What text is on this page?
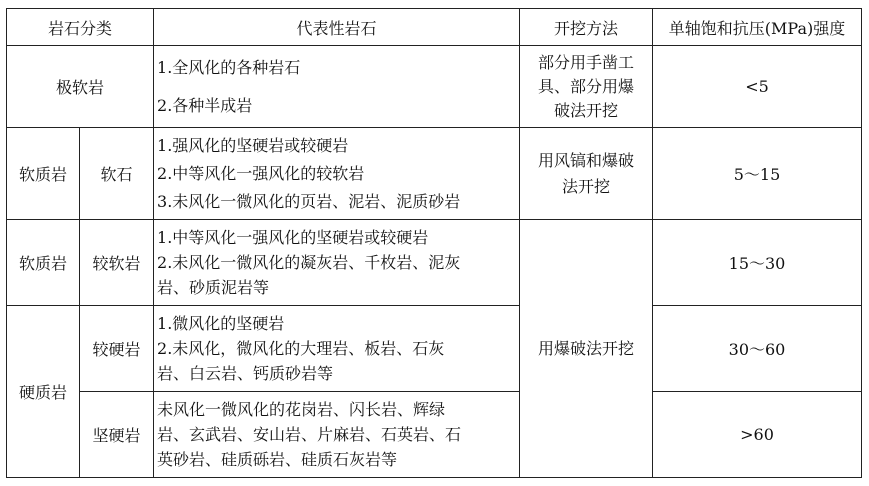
岩石分类		代表性岩石	开挖方法	单轴饱和抗压(MPa)强度
极软岩		1.全风化的各种岩石
2.各种半成岩	部分用手凿工
具、部分用爆
破法开挖	<5
软质岩	软石	1.强风化的坚硬岩或较硬岩
2.中等风化一强风化的较软岩
3.未风化一微风化的页岩、泥岩、泥质砂岩	用风镐和爆破
法开挖	5～15
软质岩	较软岩	1.中等风化一强风化的坚硬岩或较硬岩
2.未风化一微风化的凝灰岩、千枚岩、泥灰
岩、砂质泥岩等	用爆破法开挖	15～30
硬质岩	较硬岩	1.微风化的坚硬岩
2.未风化，微风化的大理岩、板岩、石灰
岩、白云岩、钙质砂岩等		30～60
	坚硬岩	未风化一微风化的花岗岩、闪长岩、辉绿
岩、玄武岩、安山岩、片麻岩、石英岩、石
英砂岩、硅质砾岩、硅质石灰岩等		>60
